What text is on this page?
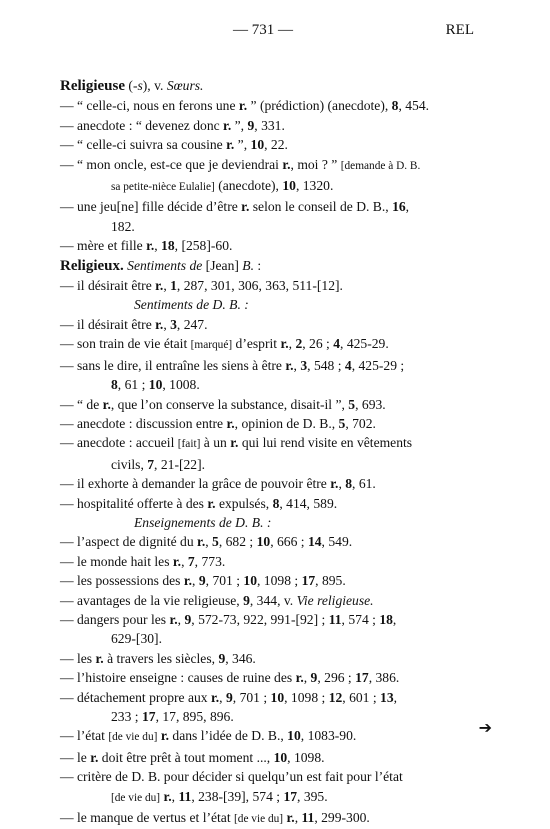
— 731 —	REL
Religieuse (-s), v. Sœurs.
— “ celle-ci, nous en ferons une r. ” (prédiction) (anecdote), 8, 454.
— anecdote : “ devenez donc r. ”, 9, 331.
— “ celle-ci suivra sa cousine r. ”, 10, 22.
— “ mon oncle, est-ce que je deviendrai r., moi ? ” [demande à D. B.
sa petite-nièce Eulalie] (anecdote), 10, 1320.
— une jeu[ne] fille décide d’être r. selon le conseil de D. B., 16,
182.
— mère et fille r., 18, [258]-60.
Religieux. Sentiments de [Jean] B. :
— il désirait être r., 1, 287, 301, 306, 363, 511-[12].
Sentiments de D. B. :
— il désirait être r., 3, 247.
— son train de vie était [marqué] d’esprit r., 2, 26 ; 4, 425-29.
— sans le dire, il entraîne les siens à être r., 3, 548 ; 4, 425-29 ;
8, 61 ; 10, 1008.
— “ de r., que l’on conserve la substance, disait-il ”, 5, 693.
— anecdote : discussion entre r., opinion de D. B., 5, 702.
— anecdote : accueil [fait] à un r. qui lui rend visite en vêtements
civils, 7, 21-[22].
— il exhorte à demander la grâce de pouvoir être r., 8, 61.
— hospitalité offerte à des r. expulsés, 8, 414, 589.
Enseignements de D. B. :
— l’aspect de dignité du r., 5, 682 ; 10, 666 ; 14, 549.
— le monde hait les r., 7, 773.
— les possessions des r., 9, 701 ; 10, 1098 ; 17, 895.
— avantages de la vie religieuse, 9, 344, v. Vie religieuse.
— dangers pour les r., 9, 572-73, 922, 991-[92] ; 11, 574 ; 18,
629-[30].
— les r. à travers les siècles, 9, 346.
— l’histoire enseigne : causes de ruine des r., 9, 296 ; 17, 386.
— détachement propre aux r., 9, 701 ; 10, 1098 ; 12, 601 ; 13,
233 ; 17, 17, 895, 896.
— l’état [de vie du] r. dans l’idée de D. B., 10, 1083-90.
— le r. doit être prêt à tout moment ..., 10, 1098.
— critère de D. B. pour décider si quelqu’un est fait pour l’état
[de vie du] r., 11, 238-[39], 574 ; 17, 395.
— le manque de vertus et l’état [de vie du] r., 11, 299-300.
➔
